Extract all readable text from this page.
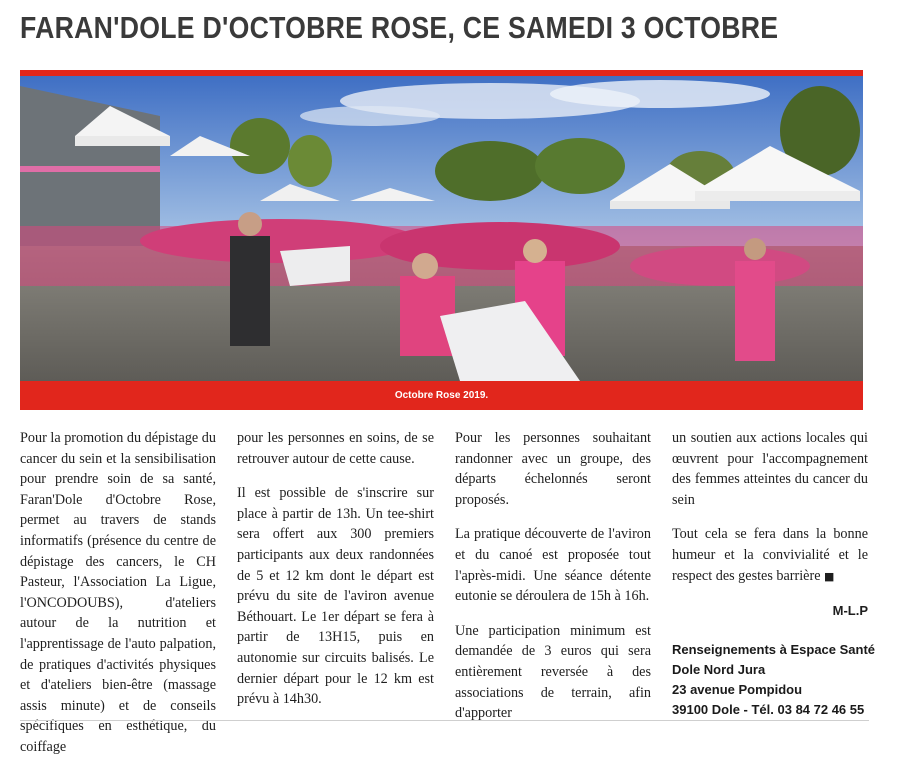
FARAN'DOLE D'OCTOBRE ROSE, CE SAMEDI 3 OCTOBRE
Octobre Rose 2019.

Pour la promotion du dépistage du cancer du sein et la sensibilisation pour prendre soin de sa santé, Faran'Dole d'Octobre Rose, permet au travers de stands informatifs (présence du centre de dépistage des cancers, le CH Pasteur, l'Association La Ligue, l'ONCODOUBS), d'ateliers autour de la nutrition et l'apprentissage de l'auto palpation, de pratiques d'activités physiques et d'ateliers bien-être (massage assis minute) et de conseils spécifiques en esthétique, du coiffage

pour les personnes en soins, de se retrouver autour de cette cause.

Il est possible de s'inscrire sur place à partir de 13h. Un tee-shirt sera offert aux 300 premiers participants aux deux randonnées de 5 et 12 km dont le départ est prévu du site de l'aviron avenue Béthouart. Le 1er départ se fera à partir de 13H15, puis en autonomie sur circuits balisés. Le dernier départ pour le 12 km est prévu à 14h30.

Pour les personnes souhaitant randonner avec un groupe, des départs échelonnés seront proposés.

La pratique découverte de l'aviron et du canoé est proposée tout l'après-midi. Une séance détente eutonie se déroulera de 15h à 16h.

Une participation minimum est demandée de 3 euros qui sera entièrement reversée à des associations de terrain, afin d'apporter

un soutien aux actions locales qui œuvrent pour l'accompagnement des femmes atteintes du cancer du sein

Tout cela se fera dans la bonne humeur et la convivialité et le respect des gestes barrière ■

M-L.P
Renseignements à Espace Santé
Dole Nord Jura
23 avenue Pompidou
39100 Dole - Tél. 03 84 72 46 55
